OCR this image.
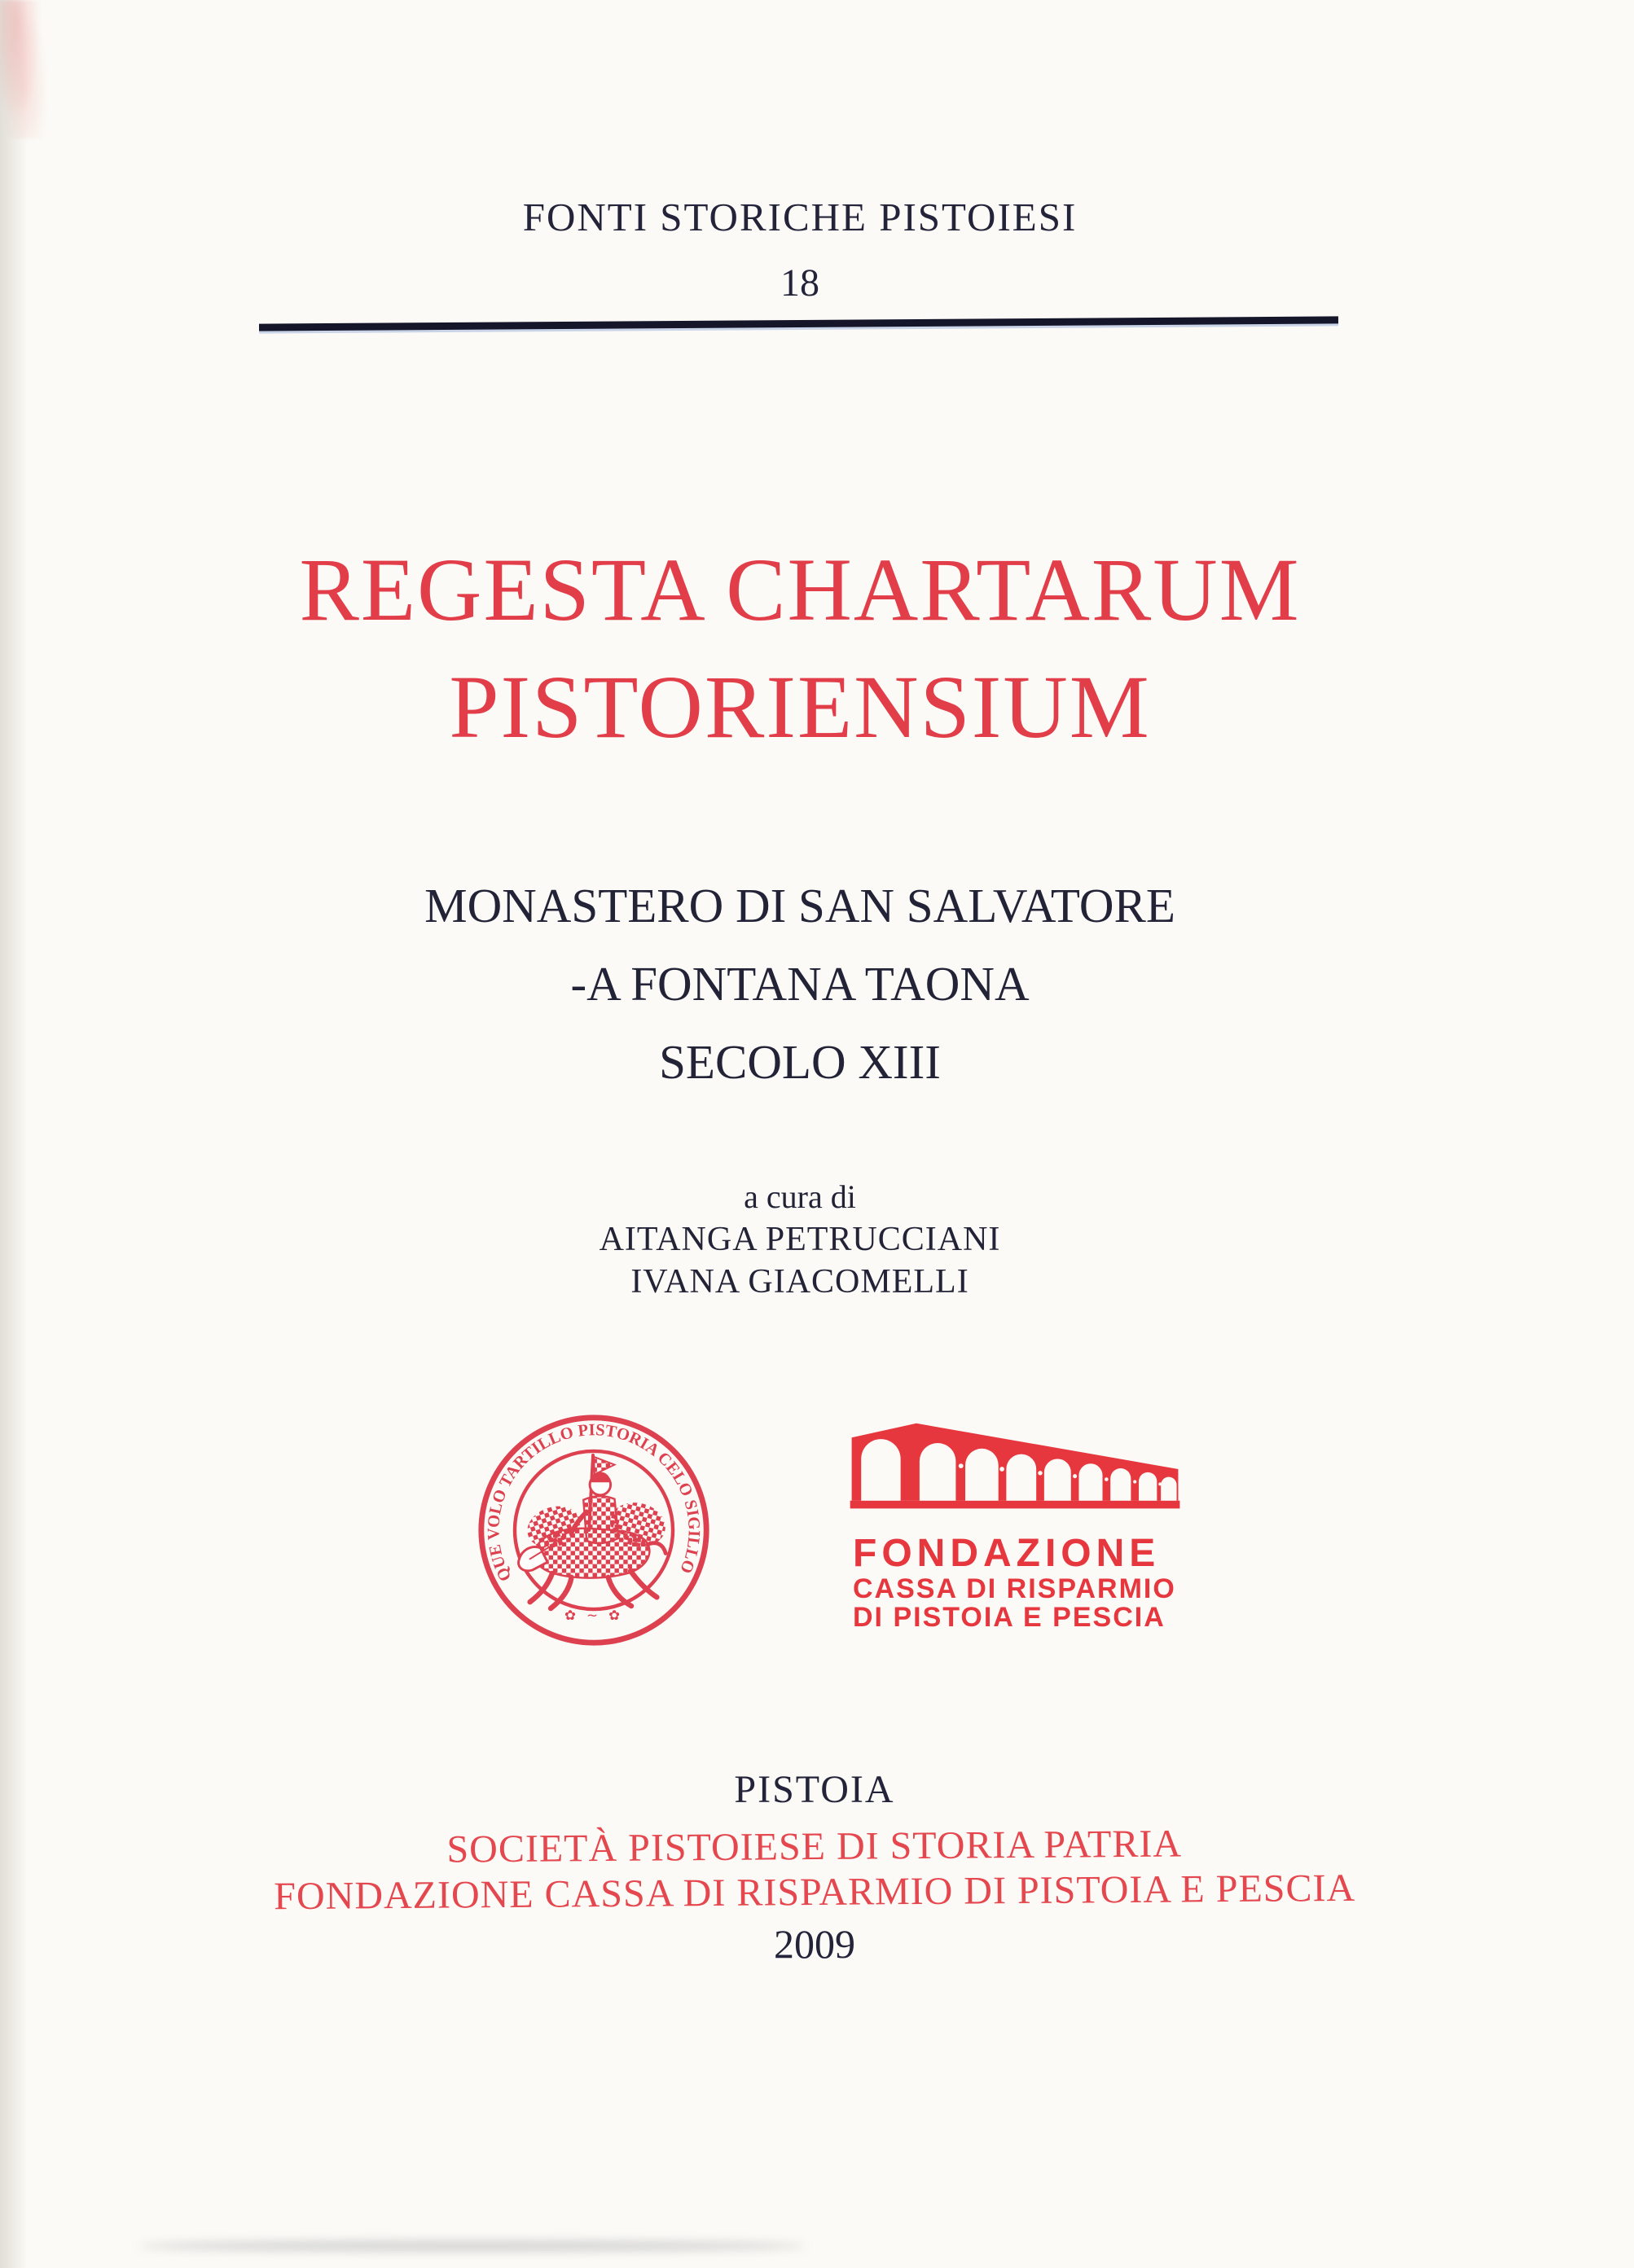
FONTI STORICHE PISTOIESI
18
REGESTA CHARTARUM
PISTORIENSIUM
MONASTERO DI SAN SALVATORE
-A FONTANA TAONA
SECOLO XIII
a cura di
AITANGA PETRUCCIANI
IVANA GIACOMELLI
QUE VOLO TARTILLO PISTORIA CELO SIGILLO
✿ ~ ✿
FONDAZIONE
CASSA DI RISPARMIO
DI PISTOIA E PESCIA
PISTOIA
SOCIETÀ PISTOIESE DI STORIA PATRIA
FONDAZIONE CASSA DI RISPARMIO DI PISTOIA E PESCIA
2009
